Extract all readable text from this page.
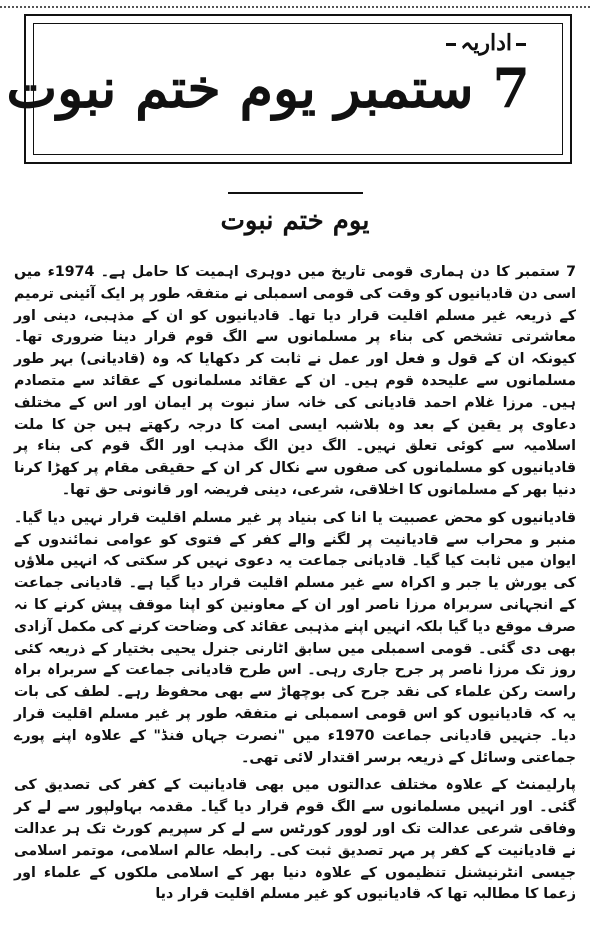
اداریہ
7 ستمبر یوم ختم نبوت
یوم ختم نبوت

7 ستمبر کا دن ہماری قومی تاریخ میں دوہری اہمیت کا حامل ہے۔ 1974ء میں اسی دن قادیانیوں کو وقت کی قومی اسمبلی نے متفقہ طور پر ایک آئینی ترمیم کے ذریعہ غیر مسلم اقلیت قرار دیا تھا۔ قادیانیوں کو ان کے مذہبی، دینی اور معاشرتی تشخص کی بناء پر مسلمانوں سے الگ قوم قرار دینا ضروری تھا۔ کیونکہ ان کے قول و فعل اور عمل نے ثابت کر دکھایا کہ وہ (قادیانی) بہر طور مسلمانوں سے علیحدہ قوم ہیں۔ ان کے عقائد مسلمانوں کے عقائد سے متصادم ہیں۔ مرزا غلام احمد قادیانی کی خانہ ساز نبوت پر ایمان اور اس کے مختلف دعاوی پر یقین کے بعد وہ بلاشبہ ایسی امت کا درجہ رکھتے ہیں جن کا ملت اسلامیہ سے کوئی تعلق نہیں۔ الگ دین الگ مذہب اور الگ قوم کی بناء پر قادیانیوں کو مسلمانوں کی صفوں سے نکال کر ان کے حقیقی مقام پر کھڑا کرنا دنیا بھر کے مسلمانوں کا اخلاقی، شرعی، دینی فریضہ اور قانونی حق تھا۔

قادیانیوں کو محض عصبیت یا انا کی بنیاد پر غیر مسلم اقلیت قرار نہیں دیا گیا۔ منبر و محراب سے قادیانیت پر لگنے والے کفر کے فتوی کو عوامی نمائندوں کے ایوان میں ثابت کیا گیا۔ قادیانی جماعت یہ دعوی نہیں کر سکتی کہ انہیں ملاؤں کی یورش یا جبر و اکراہ سے غیر مسلم اقلیت قرار دیا گیا ہے۔ قادیانی جماعت کے انجہانی سربراہ مرزا ناصر اور ان کے معاونین کو اپنا موقف پیش کرنے کا نہ صرف موقع دیا گیا بلکہ انہیں اپنے مذہبی عقائد کی وضاحت کرنے کی مکمل آزادی بھی دی گئی۔ قومی اسمبلی میں سابق اٹارنی جنرل یحیی بختیار کے ذریعہ کئی روز تک مرزا ناصر پر جرح جاری رہی۔ اس طرح قادیانی جماعت کے سربراہ براہ راست رکن علماء کی نقد جرح کی بوچھاڑ سے بھی محفوظ رہے۔ لطف کی بات یہ کہ قادیانیوں کو اس قومی اسمبلی نے متفقہ طور پر غیر مسلم اقلیت قرار دیا۔ جنہیں قادیانی جماعت 1970ء میں "نصرت جہاں فنڈ" کے علاوہ اپنے پورے جماعتی وسائل کے ذریعہ برسر اقتدار لائی تھی۔

پارلیمنٹ کے علاوہ مختلف عدالتوں میں بھی قادیانیت کے کفر کی تصدیق کی گئی۔ اور انہیں مسلمانوں سے الگ قوم قرار دیا گیا۔ مقدمہ بہاولپور سے لے کر وفاقی شرعی عدالت تک اور لوور کورٹس سے لے کر سپریم کورٹ تک ہر عدالت نے قادیانیت کے کفر پر مہر تصدیق ثبت کی۔ رابطہ عالم اسلامی، موتمر اسلامی جیسی انٹرنیشنل تنظیموں کے علاوہ دنیا بھر کے اسلامی ملکوں کے علماء اور زعما کا مطالبہ تھا کہ قادیانیوں کو غیر مسلم اقلیت قرار دیا
